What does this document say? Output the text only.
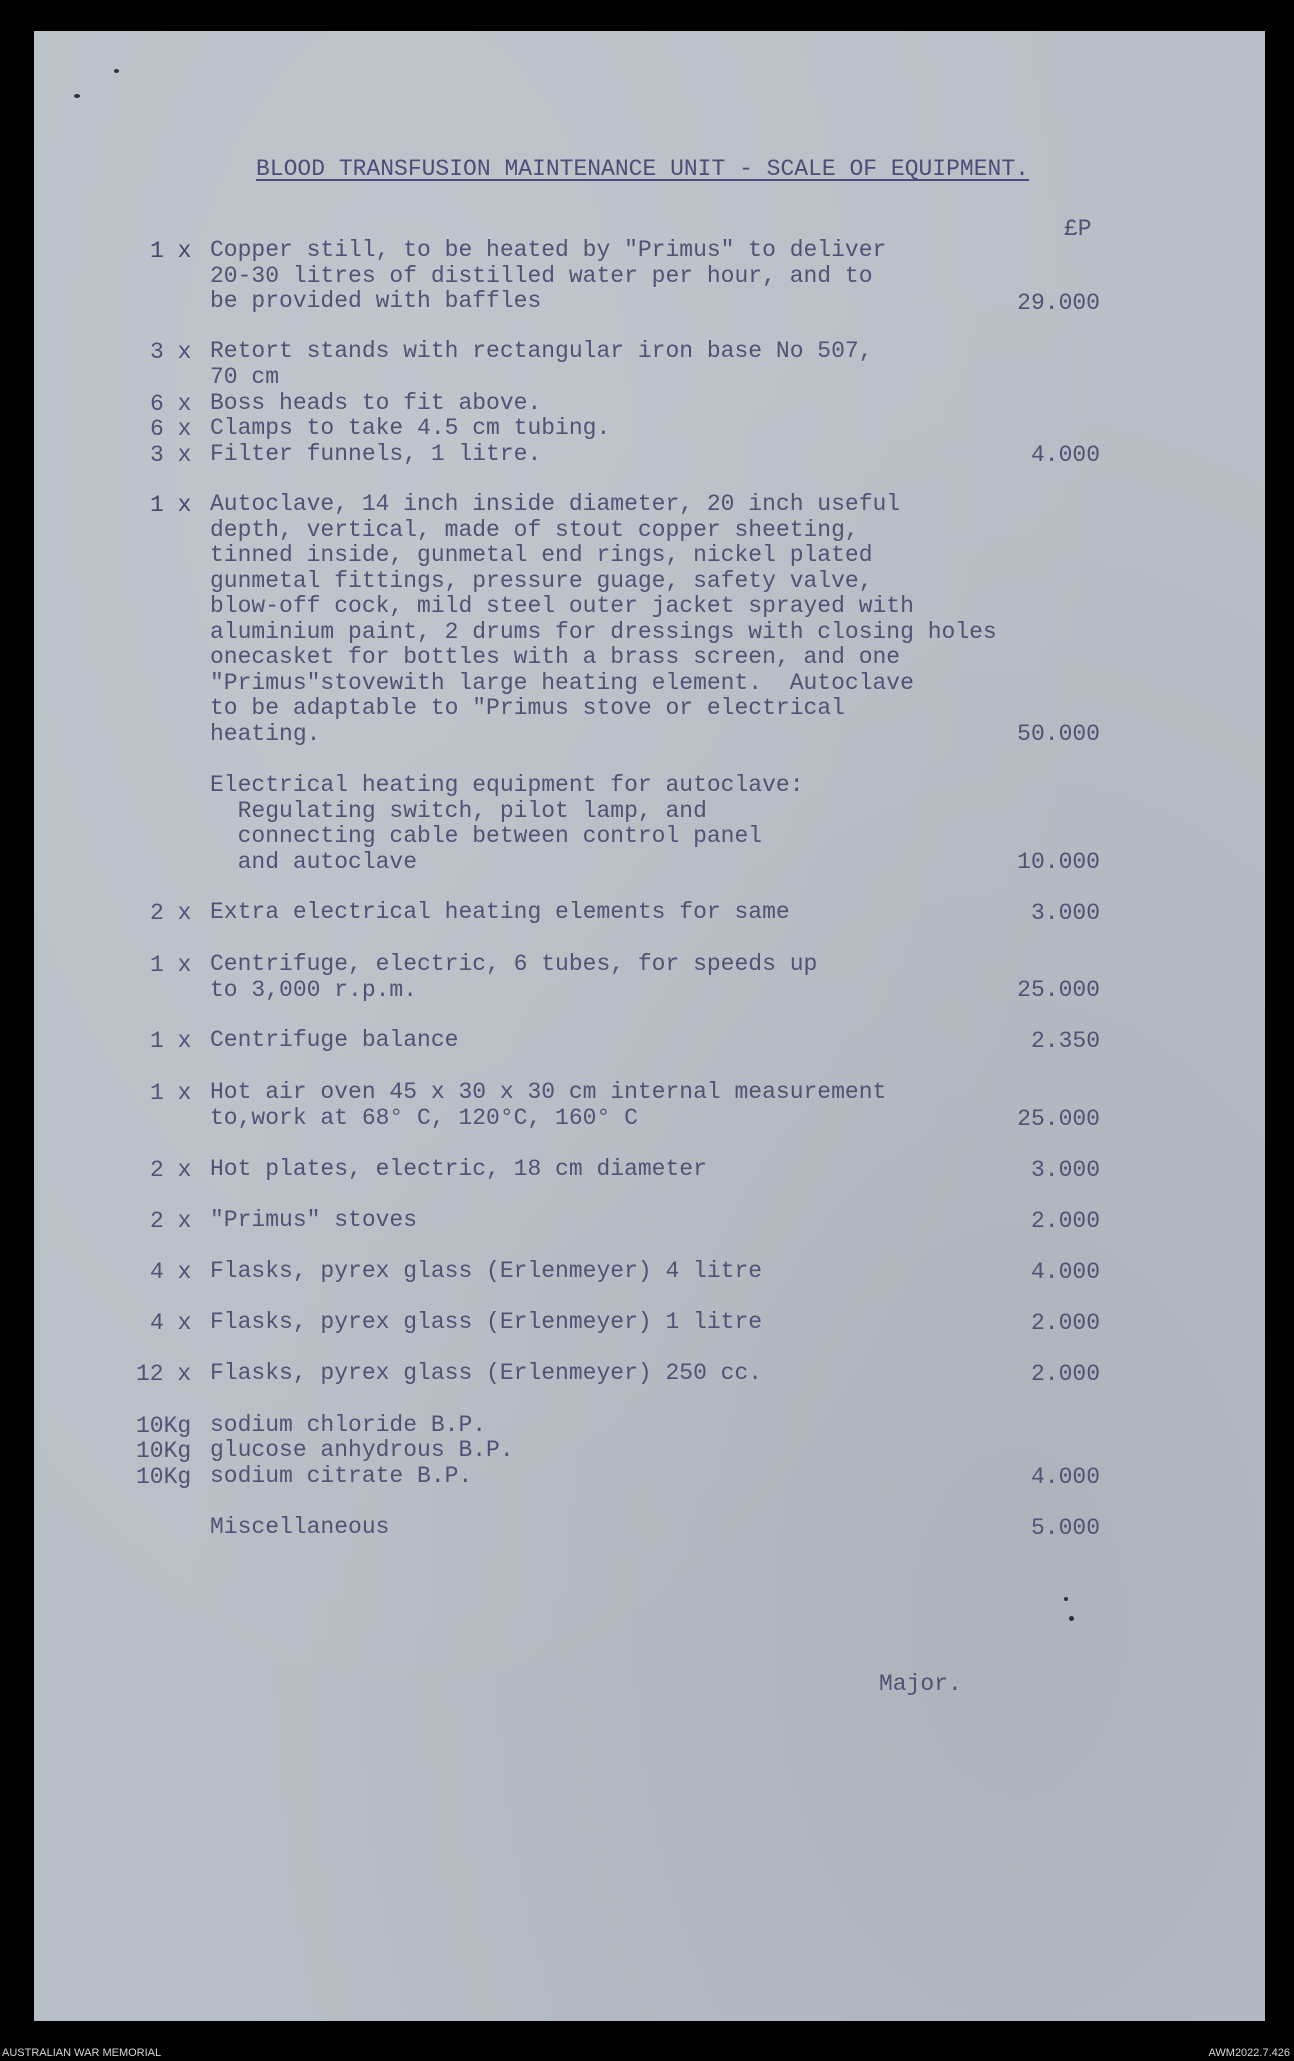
BLOOD TRANSFUSION MAINTENANCE UNIT - SCALE OF EQUIPMENT.
£P
1 x Copper still, to be heated by "Primus" to deliver
20-30 litres of distilled water per hour, and to
be provided with baffles	29.000
3 x Retort stands with rectangular iron base No 507,
70 cm
6 x Boss heads to fit above.
6 x Clamps to take 4.5 cm tubing.
3 x Filter funnels, 1 litre.	4.000
1 x Autoclave, 14 inch inside diameter, 20 inch useful
depth, vertical, made of stout copper sheeting,
tinned inside, gunmetal end rings, nickel plated
gunmetal fittings, pressure guage, safety valve,
blow-off cock, mild steel outer jacket sprayed with
aluminium paint, 2 drums for dressings with closing holes
onecasket for bottles with a brass screen, and one
"Primus"stovewith large heating element.  Autoclave
to be adaptable to "Primus stove or electrical
heating.	50.000
Electrical heating equipment for autoclave:
Regulating switch, pilot lamp, and
connecting cable between control panel
and autoclave	10.000
2 x Extra electrical heating elements for same	3.000
1 x Centrifuge, electric, 6 tubes, for speeds up
to 3,000 r.p.m.	25.000
1 x Centrifuge balance	2.350
1 x Hot air oven 45 x 30 x 30 cm internal measurement
to,work at 68° C, 120°C, 160° C	25.000
2 x Hot plates, electric, 18 cm diameter	3.000
2 x "Primus" stoves	2.000
4 x Flasks, pyrex glass (Erlenmeyer) 4 litre	4.000
4 x Flasks, pyrex glass (Erlenmeyer) 1 litre	2.000
12 x Flasks, pyrex glass (Erlenmeyer) 250 cc.	2.000
10Kg sodium chloride B.P.
10Kg glucose anhydrous B.P.
10Kg sodium citrate B.P.	4.000
Miscellaneous	5.000
Major.
AUSTRALIAN WAR MEMORIAL	AWM2022.7.426
